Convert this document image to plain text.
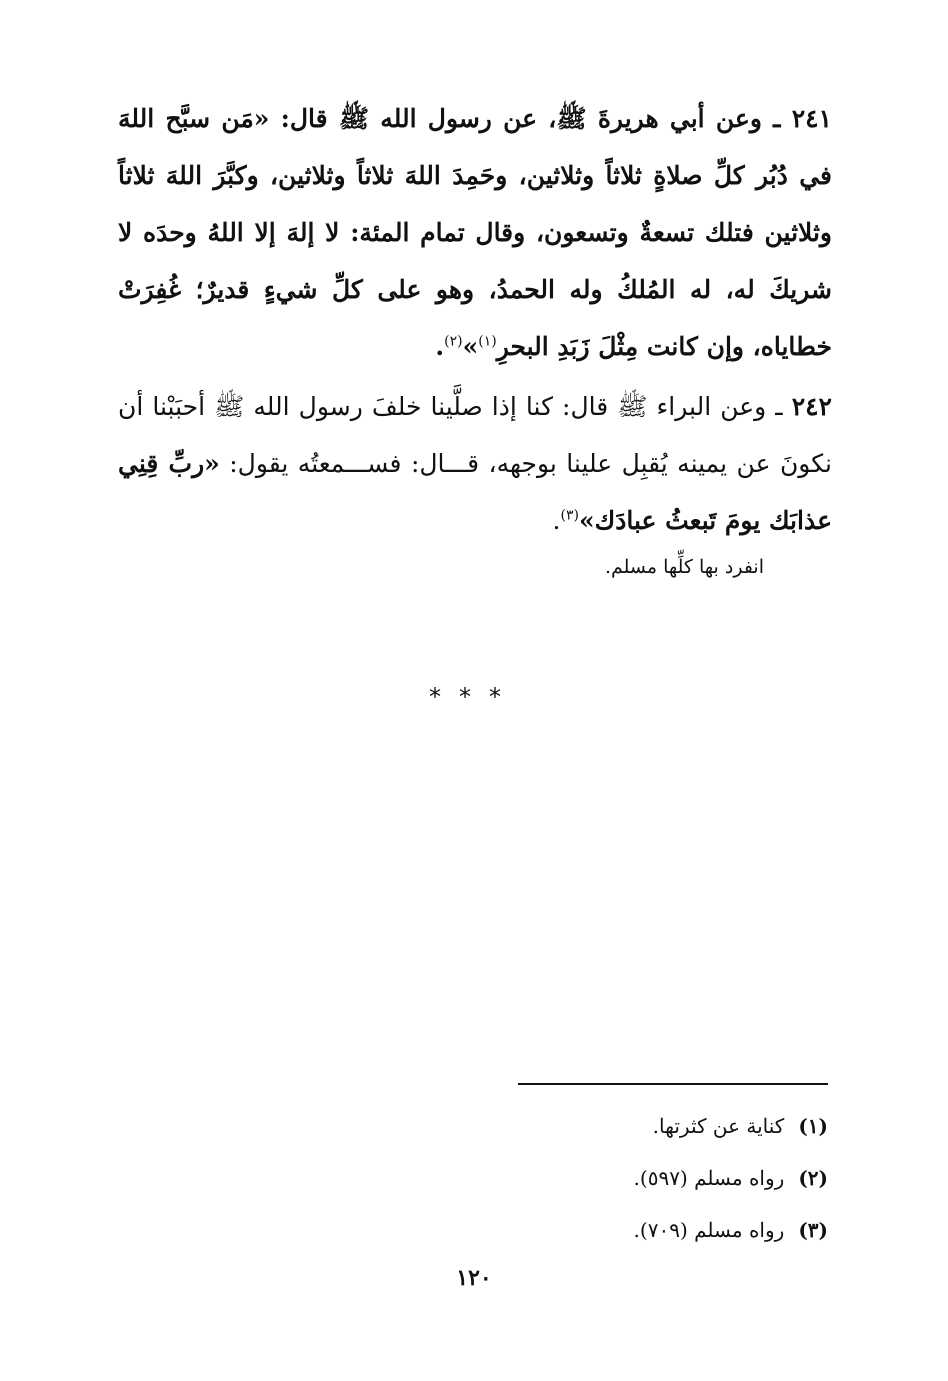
٢٤١ ـ وعن أبي هريرةَ ﷺ، عن رسول الله ﷺ قال: «مَن سبَّح اللهَ في دُبُر كلِّ صلاةٍ ثلاثاً وثلاثين، وحَمِدَ اللهَ ثلاثاً وثلاثين، وكبَّرَ اللهَ ثلاثاً وثلاثين فتلك تسعةٌ وتسعون، وقال تمام المئة: لا إلهَ إلا اللهُ وحدَه لا شريكَ له، له المُلكُ وله الحمدُ، وهو على كلِّ شيءٍ قديرٌ؛ غُفِرَتْ خطاياه، وإن كانت مِثْلَ زَبَدِ البحرِ$^{(١)}$»$^{(٢)}$.

٢٤٢ ـ وعن البراء ﷺ قال: كنا إذا صلَّينا خلفَ رسول الله ﷺ أحبَبْنا أن نكونَ عن يمينه يُقبِل علينا بوجهه، قـــال: فســـمعتُه يقول: «ربِّ قِنِي عذابَك يومَ تَبعثُ عبادَك»$^{(٣)}$.

انفرد بها كلِّها مسلم.

***
(١)كناية عن كثرتها.
(٢)رواه مسلم (٥٩٧).
(٣)رواه مسلم (٧٠٩).
١٢٠
